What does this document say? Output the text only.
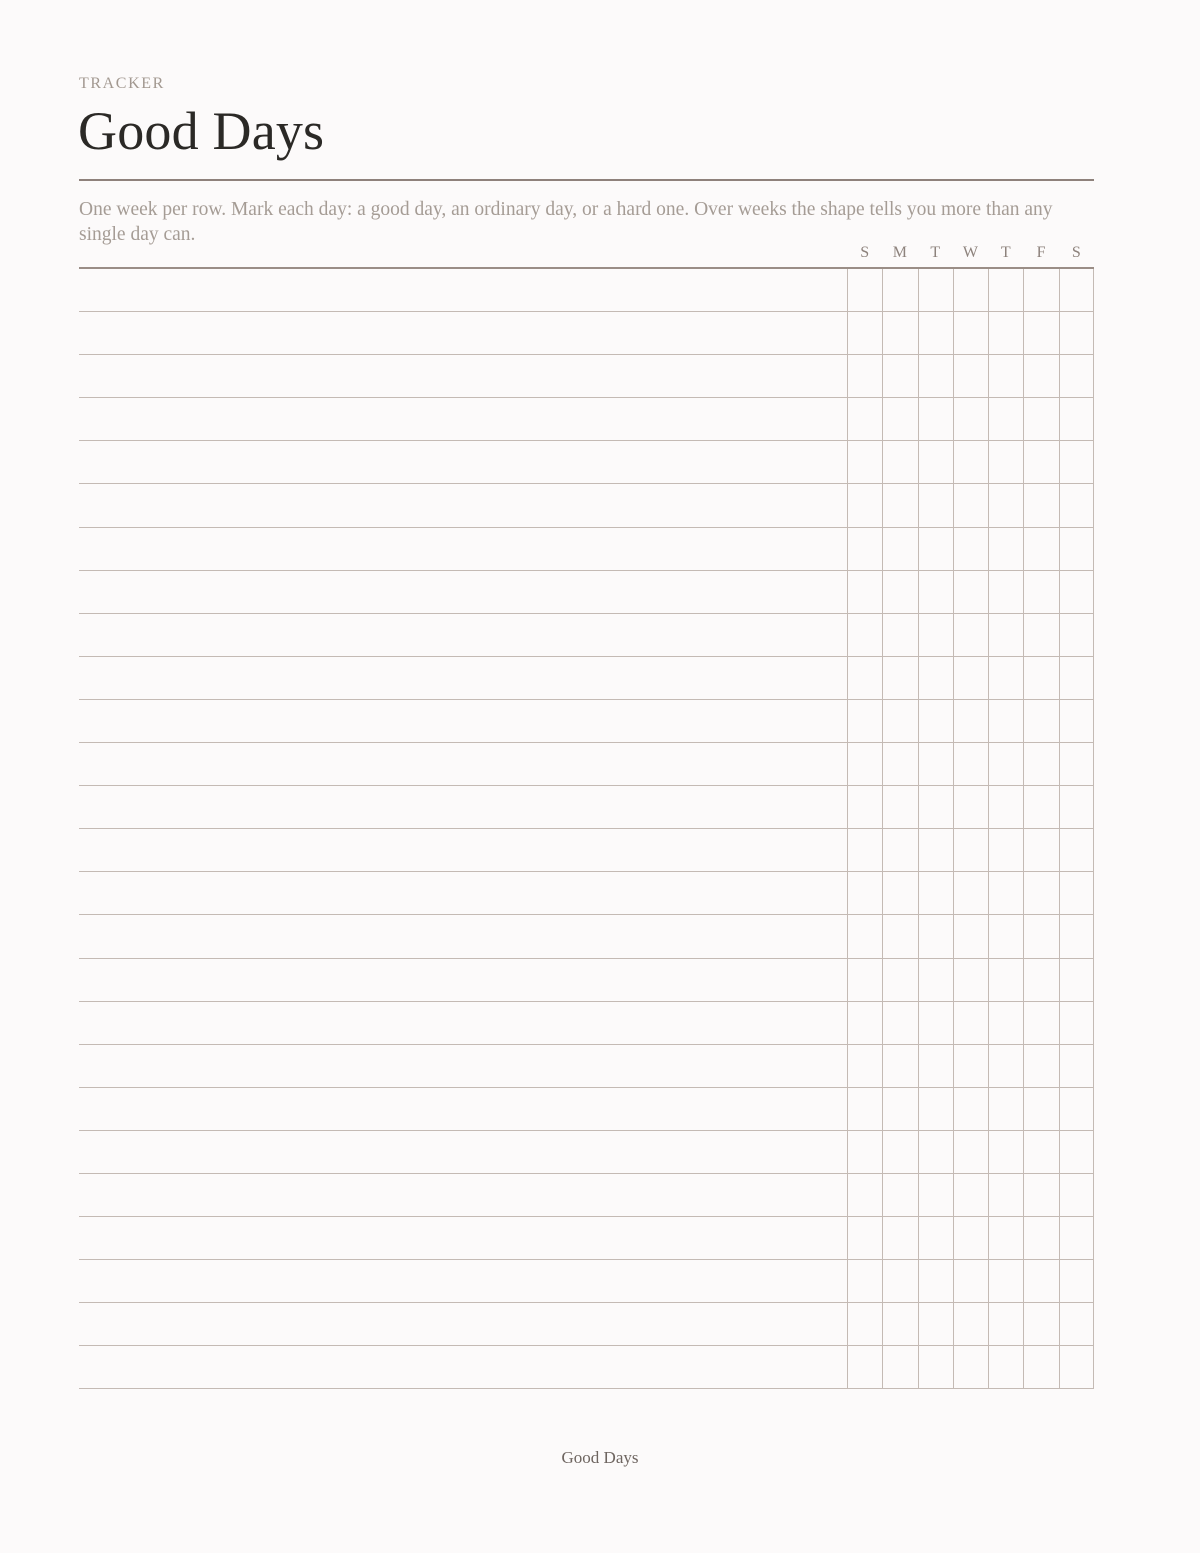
TRACKER
Good Days
One week per row. Mark each day: a good day, an ordinary day, or a hard one. Over weeks the shape tells you more than any single day can.
S	M	T	W	T	F	S
Good Days
